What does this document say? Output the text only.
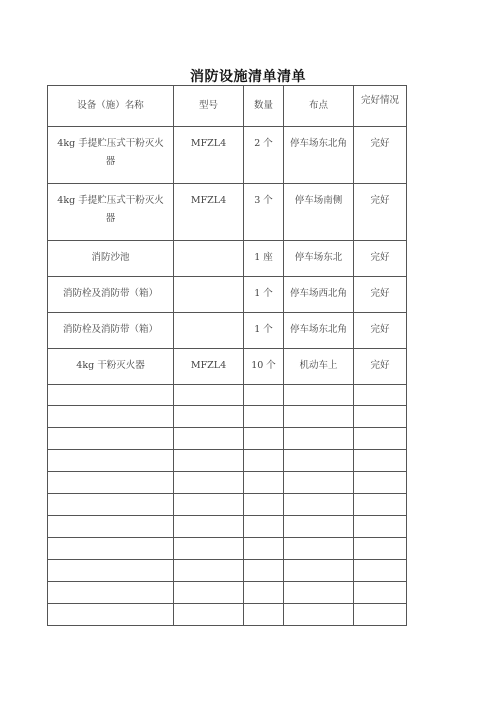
消防设施清单清单
设备（施）名称	型号	数量	布点	完好情况
4kg 手提贮压式干粉灭火器	MFZL4	2 个	停车场东北角	完好
4kg 手提贮压式干粉灭火器	MFZL4	3 个	停车场南侧	完好
消防沙池		1 座	停车场东北	完好
消防栓及消防带（箱）		1 个	停车场西北角	完好
消防栓及消防带（箱）		1 个	停车场东北角	完好
4kg 干粉灭火器	MFZL4	10 个	机动车上	完好
